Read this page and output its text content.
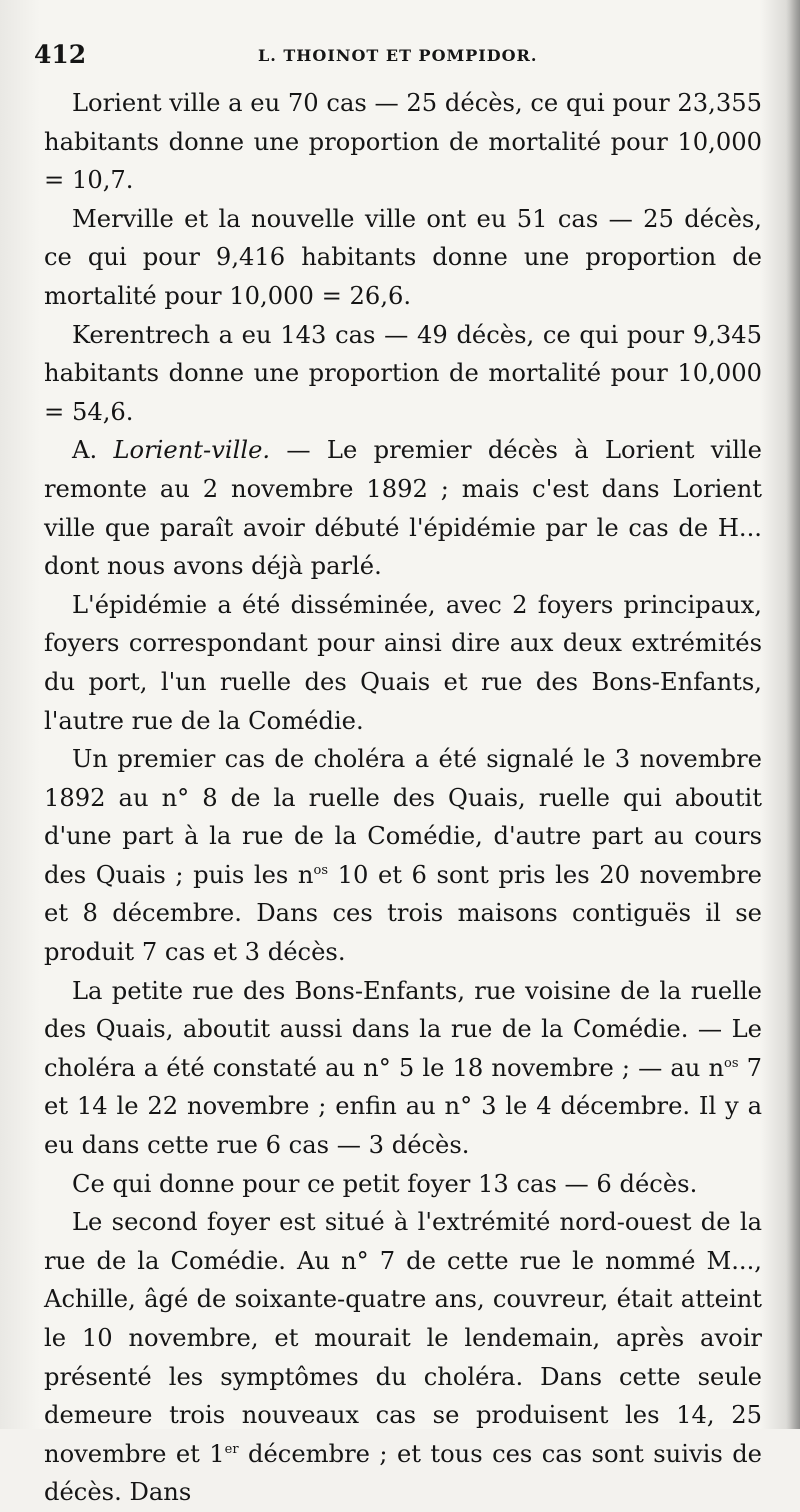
412	L. THOINOT ET POMPIDOR.

Lorient ville a eu 70 cas — 25 décès, ce qui pour 23,355 habitants donne une proportion de mortalité pour 10,000 = 10,7.

Merville et la nouvelle ville ont eu 51 cas — 25 décès, ce qui pour 9,416 habitants donne une proportion de mortalité pour 10,000 = 26,6.

Kerentrech a eu 143 cas — 49 décès, ce qui pour 9,345 habitants donne une proportion de mortalité pour 10,000 = 54,6.

A. Lorient-ville. — Le premier décès à Lorient ville remonte au 2 novembre 1892 ; mais c'est dans Lorient ville que paraît avoir débuté l'épidémie par le cas de H... dont nous avons déjà parlé.

L'épidémie a été disséminée, avec 2 foyers principaux, foyers correspondant pour ainsi dire aux deux extrémités du port, l'un ruelle des Quais et rue des Bons-Enfants, l'autre rue de la Comédie.

Un premier cas de choléra a été signalé le 3 novembre 1892 au n° 8 de la ruelle des Quais, ruelle qui aboutit d'une part à la rue de la Comédie, d'autre part au cours des Quais ; puis les $n^{os}$ 10 et 6 sont pris les 20 novembre et 8 décembre. Dans ces trois maisons contiguës il se produit 7 cas et 3 décès.

La petite rue des Bons-Enfants, rue voisine de la ruelle des Quais, aboutit aussi dans la rue de la Comédie. — Le choléra a été constaté au n° 5 le 18 novembre ; — au $n^{os}$ 7 et 14 le 22 novembre ; enfin au n° 3 le 4 décembre. Il y a eu dans cette rue 6 cas — 3 décès.

Ce qui donne pour ce petit foyer 13 cas — 6 décès.

Le second foyer est situé à l'extrémité nord-ouest de la rue de la Comédie. Au n° 7 de cette rue le nommé M..., Achille, âgé de soixante-quatre ans, couvreur, était atteint le 10 novembre, et mourait le lendemain, après avoir présenté les symptômes du choléra. Dans cette seule demeure trois nouveaux cas se produisent les 14, 25 novembre et 1er décembre ; et tous ces cas sont suivis de décès. Dans
